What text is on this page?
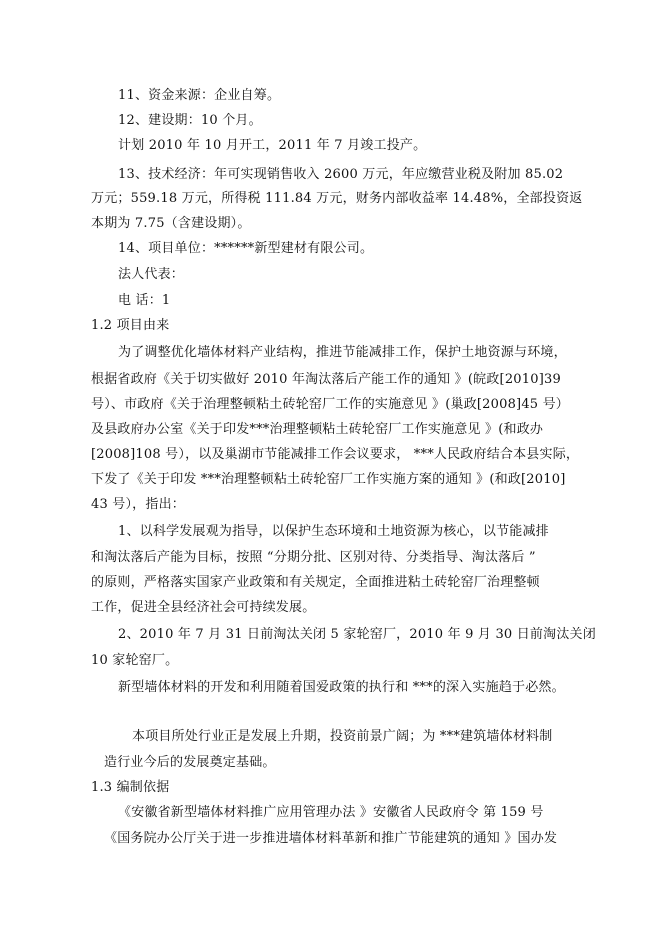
11、资金来源：企业自筹。
12、建设期：10 个月。
计划 2010 年 10 月开工，2011 年 7 月竣工投产。
13、技术经济：年可实现销售收入 2600 万元，年应缴营业税及附加 85.02
万元；559.18 万元，所得税 111.84 万元，财务内部收益率 14.48%，全部投资返
本期为 7.75（含建设期）。
14、项目单位：******新型建材有限公司。
法人代表：
电 话：1
1.2 项目由来
为了调整优化墙体材料产业结构，推进节能减排工作，保护土地资源与环境，
根据省政府《关于切实做好 2010 年淘汰落后产能工作的通知 》(皖政[2010]39
号）、市政府《关于治理整顿粘土砖轮窑厂工作的实施意见 》(巢政[2008]45 号）
及县政府办公室《关于印发***治理整顿粘土砖轮窑厂工作实施意见 》(和政办
[2008]108 号），以及巢湖市节能减排工作会议要求， ***人民政府结合本县实际，
下发了《关于印发 ***治理整顿粘土砖轮窑厂工作实施方案的通知 》(和政[2010]
43 号），指出：
1、以科学发展观为指导，以保护生态环境和土地资源为核心，以节能减排
和淘汰落后产能为目标，按照 “分期分批、区别对待、分类指导、淘汰落后 ”
的原则，严格落实国家产业政策和有关规定，全面推进粘土砖轮窑厂治理整顿
工作，促进全县经济社会可持续发展。
2、2010 年 7 月 31 日前淘汰关闭 5 家轮窑厂，2010 年 9 月 30 日前淘汰关闭
10 家轮窑厂。
新型墙体材料的开发和利用随着国爱政策的执行和 ***的深入实施趋于必然。
本项目所处行业正是发展上升期，投资前景广阔；为 ***建筑墙体材料制
造行业今后的发展奠定基础。
1.3 编制依据
《安徽省新型墙体材料推广应用管理办法 》安徽省人民政府令 第 159 号
《国务院办公厅关于进一步推进墙体材料革新和推广节能建筑的通知 》国办发
